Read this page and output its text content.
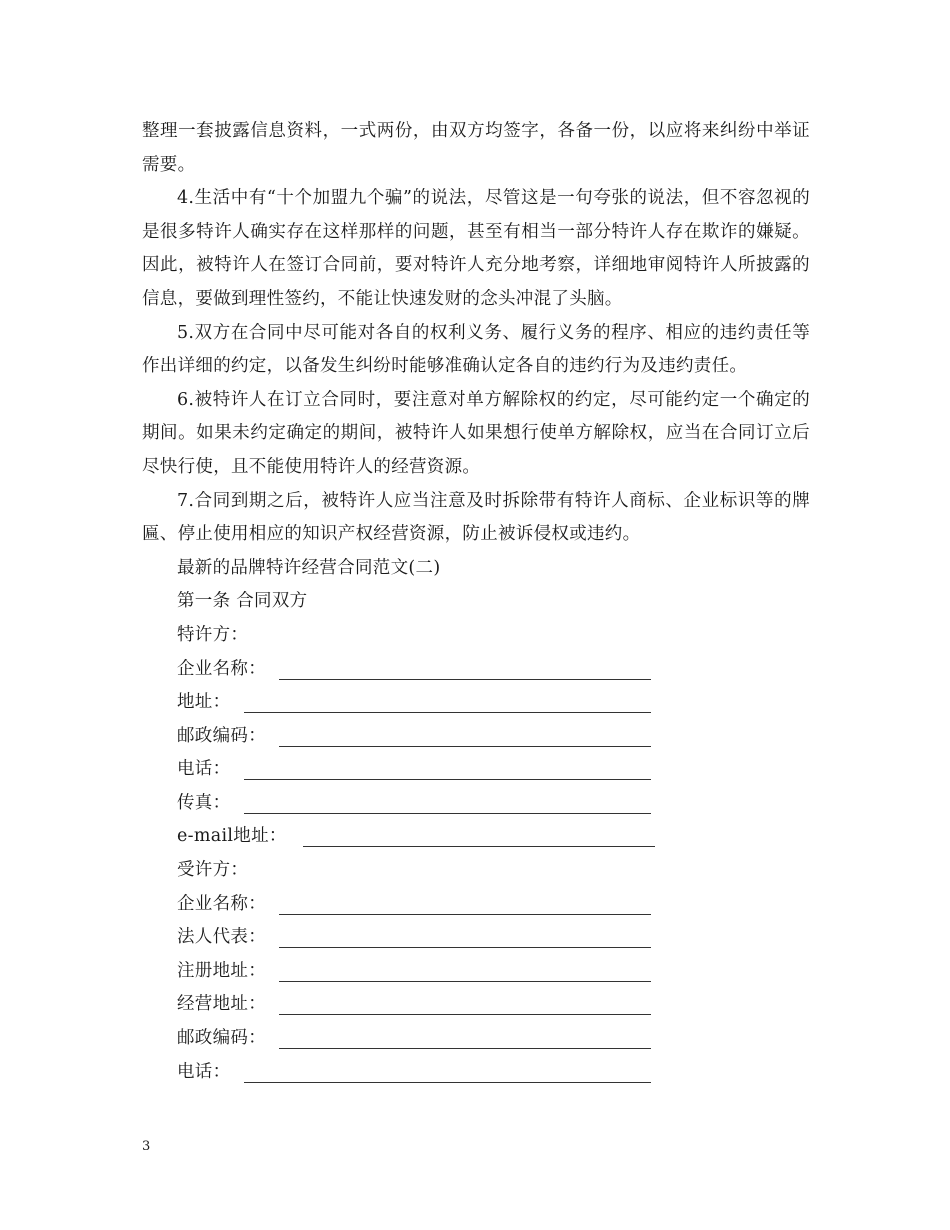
整理一套披露信息资料，一式两份，由双方均签字，各备一份，以应将来纠纷中举证需要。

4.生活中有“十个加盟九个骗”的说法，尽管这是一句夸张的说法，但不容忽视的是很多特许人确实存在这样那样的问题，甚至有相当一部分特许人存在欺诈的嫌疑。因此，被特许人在签订合同前，要对特许人充分地考察，详细地审阅特许人所披露的信息，要做到理性签约，不能让快速发财的念头冲混了头脑。

5.双方在合同中尽可能对各自的权利义务、履行义务的程序、相应的违约责任等作出详细的约定，以备发生纠纷时能够准确认定各自的违约行为及违约责任。

6.被特许人在订立合同时，要注意对单方解除权的约定，尽可能约定一个确定的期间。如果未约定确定的期间，被特许人如果想行使单方解除权，应当在合同订立后尽快行使，且不能使用特许人的经营资源。

7.合同到期之后，被特许人应当注意及时拆除带有特许人商标、企业标识等的牌匾、停止使用相应的知识产权经营资源，防止被诉侵权或违约。

最新的品牌特许经营合同范文(二)
第一条 合同双方
特许方：
企业名称：
地址：
邮政编码：
电话：
传真：
e-mail地址：
受许方：
企业名称：
法人代表：
注册地址：
经营地址：
邮政编码：
电话：
3
